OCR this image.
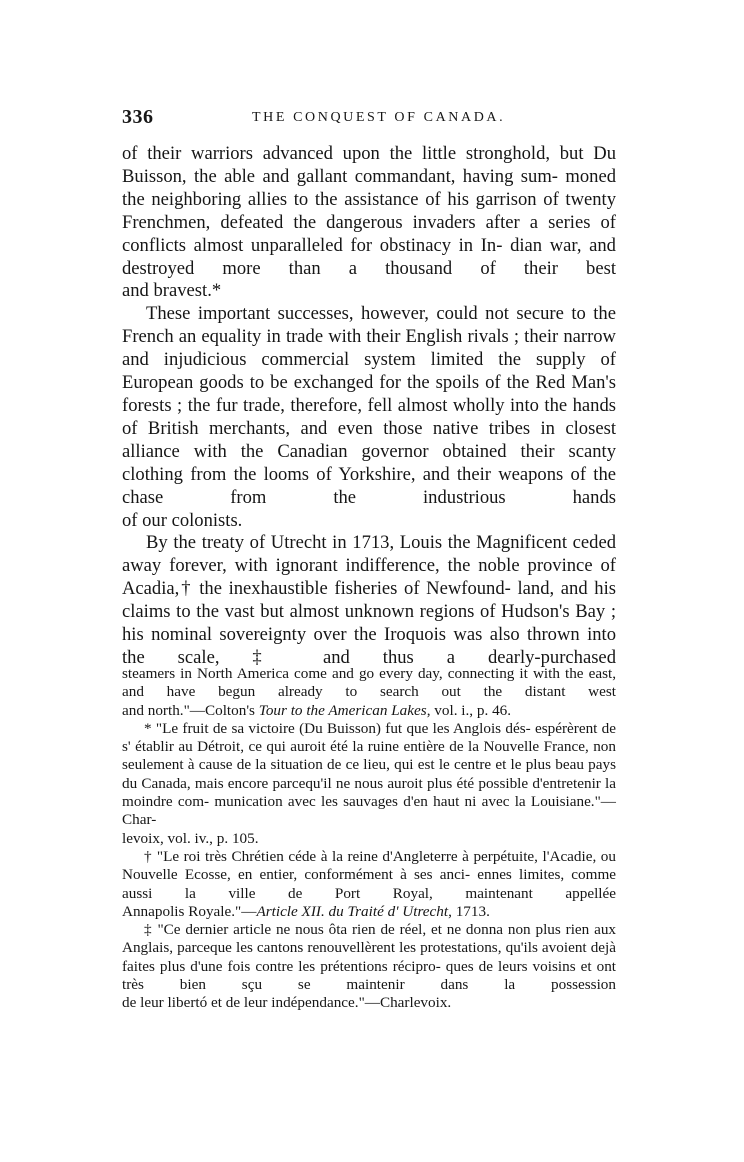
336	THE CONQUEST OF CANADA.

of their warriors advanced upon the little stronghold, but Du Buisson, the able and gallant commandant, having sum- moned the neighboring allies to the assistance of his garrison of twenty Frenchmen, defeated the dangerous invaders after a series of conflicts almost unparalleled for obstinacy in In- dian war, and destroyed more than a thousand of their best

and bravest.*

These important successes, however, could not secure to the French an equality in trade with their English rivals ; their narrow and injudicious commercial system limited the supply of European goods to be exchanged for the spoils of the Red Man's forests ; the fur trade, therefore, fell almost wholly into the hands of British merchants, and even those native tribes in closest alliance with the Canadian governor obtained their scanty clothing from the looms of Yorkshire, and their weapons of the chase from the industrious hands

of our colonists.

By the treaty of Utrecht in 1713, Louis the Magnificent ceded away forever, with ignorant indifference, the noble province of Acadia,† the inexhaustible fisheries of Newfound- land, and his claims to the vast but almost unknown regions of Hudson's Bay ; his nominal sovereignty over the Iroquois was also thrown into the scale, ‡ and thus a dearly-purchased

steamers in North America come and go every day, connecting it with the east, and have begun already to search out the distant west

and north."—Colton's Tour to the American Lakes, vol. i., p. 46.

* "Le fruit de sa victoire (Du Buisson) fut que les Anglois dés- espérèrent de s' établir au Détroit, ce qui auroit été la ruine entière de la Nouvelle France, non seulement à cause de la situation de ce lieu, qui est le centre et le plus beau pays du Canada, mais encore parcequ'il ne nous auroit plus été possible d'entretenir la moindre com- munication avec les sauvages d'en haut ni avec la Louisiane."—Char-

levoix, vol. iv., p. 105.

† "Le roi très Chrétien céde à la reine d'Angleterre à perpétuite, l'Acadie, ou Nouvelle Ecosse, en entier, conformément à ses anci- ennes limites, comme aussi la ville de Port Royal, maintenant appellée

Annapolis Royale."—Article XII. du Traité d' Utrecht, 1713.

‡ "Ce dernier article ne nous ôta rien de réel, et ne donna non plus rien aux Anglais, parceque les cantons renouvellèrent les protestations, qu'ils avoient dejà faites plus d'une fois contre les prétentions récipro- ques de leurs voisins et ont très bien sçu se maintenir dans la possession

de leur libertó et de leur indépendance."—Charlevoix.
